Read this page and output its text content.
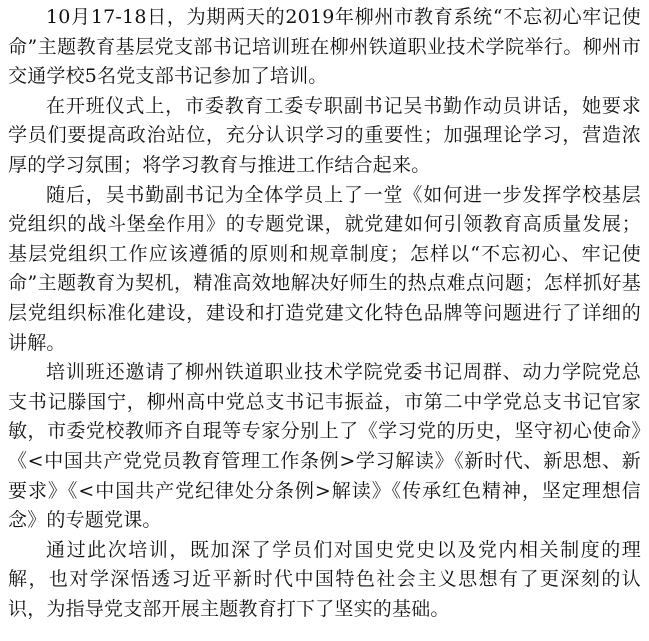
10月17-18日，为期两天的2019年柳州市教育系统“不忘初心牢记使命”主题教育基层党支部书记培训班在柳州铁道职业技术学院举行。柳州市交通学校5名党支部书记参加了培训。

在开班仪式上，市委教育工委专职副书记吴书勤作动员讲话，她要求学员们要提高政治站位，充分认识学习的重要性；加强理论学习，营造浓厚的学习氛围；将学习教育与推进工作结合起来。

随后，吴书勤副书记为全体学员上了一堂《如何进一步发挥学校基层党组织的战斗堡垒作用》的专题党课，就党建如何引领教育高质量发展；基层党组织工作应该遵循的原则和规章制度；怎样以“不忘初心、牢记使命”主题教育为契机，精准高效地解决好师生的热点难点问题；怎样抓好基层党组织标准化建设，建设和打造党建文化特色品牌等问题进行了详细的讲解。

培训班还邀请了柳州铁道职业技术学院党委书记周群、动力学院党总支书记滕国宁，柳州高中党总支书记韦振益，市第二中学党总支书记官家敏，市委党校教师齐自琨等专家分别上了《学习党的历史，坚守初心使命》《<中国共产党党员教育管理工作条例>学习解读》《新时代、新思想、新要求》《<中国共产党纪律处分条例>解读》《传承红色精神，坚定理想信念》的专题党课。

通过此次培训，既加深了学员们对国史党史以及党内相关制度的理解，也对学深悟透习近平新时代中国特色社会主义思想有了更深刻的认识，为指导党支部开展主题教育打下了坚实的基础。
